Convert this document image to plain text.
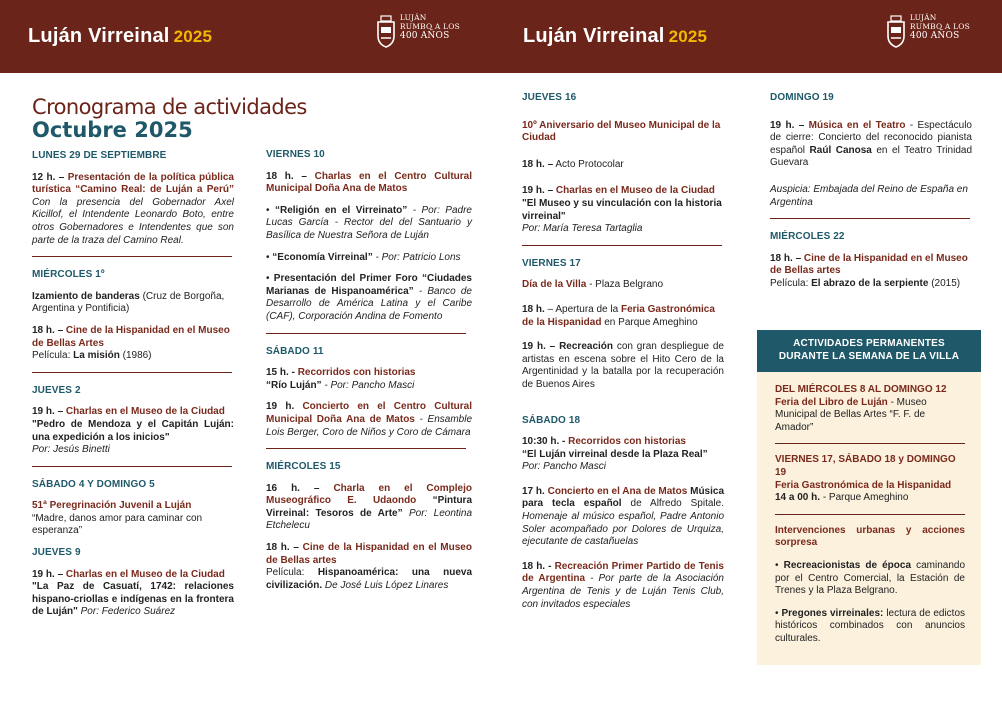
Luján Virreinal 2025
LUJÁN
RUMBO A LOS
400 AÑOS	Luján Virreinal 2025
LUJÁN
RUMBO A LOS
400 AÑOS
Cronograma de actividades
Octubre 2025
LUNES 29 DE SEPTIEMBRE
12 h. – Presentación de la política pública turística “Camino Real: de Luján a Perú” Con la presencia del Gobernador Axel Kicillof, el Intendente Leonardo Boto, entre otros Gobernadores e Intendentes que son parte de la traza del Camino Real.
MIÉRCOLES 1º
Izamiento de banderas (Cruz de Borgoña, Argentina y Pontificia)
18 h. – Cine de la Hispanidad en el Museo de Bellas Artes
Película: La misión (1986)
JUEVES 2
19 h. – Charlas en el Museo de la Ciudad
"Pedro de Mendoza y el Capitán Luján: una expedición a los inicios"
Por: Jesús Binetti
SÁBADO 4 Y DOMINGO 5
51ª Peregrinación Juvenil a Luján
“Madre, danos amor para caminar con esperanza”
JUEVES 9
19 h. – Charlas en el Museo de la Ciudad
"La Paz de Casuatí, 1742: relaciones hispano-criollas e indígenas en la frontera de Luján" Por: Federico Suárez
VIERNES 10
18 h. – Charlas en el Centro Cultural Municipal Doña Ana de Matos
• “Religión en el Virreinato” - Por: Padre Lucas García - Rector del del Santuario y Basílica de Nuestra Señora de Luján
• “Economía Virreinal” - Por: Patricio Lons
• Presentación del Primer Foro “Ciudades Marianas de Hispanoamérica” - Banco de Desarrollo de América Latina y el Caribe (CAF), Corporación Andina de Fomento
SÁBADO 11
15 h. - Recorridos con historias
“Río Luján” - Por: Pancho Masci
19 h. Concierto en el Centro Cultural Municipal Doña Ana de Matos - Ensamble Lois Berger, Coro de Niños y Coro de Cámara
MIÉRCOLES 15
16 h. – Charla en el Complejo Museográfico E. Udaondo “Pintura Virreinal: Tesoros de Arte” Por: Leontina Etchelecu
18 h. – Cine de la Hispanidad en el Museo de Bellas artes
Película: Hispanoamérica: una nueva civilización. De José Luis López Linares
JUEVES 16
10º Aniversario del Museo Municipal de la Ciudad
18 h. – Acto Protocolar
19 h. – Charlas en el Museo de la Ciudad
"El Museo y su vinculación con la historia virreinal"
Por: María Teresa Tartaglia
VIERNES 17
Día de la Villa - Plaza Belgrano
18 h. – Apertura de la Feria Gastronómica de la Hispanidad en Parque Ameghino
19 h. – Recreación con gran despliegue de artistas en escena sobre el Hito Cero de la Argentinidad y la batalla por la recuperación de Buenos Aires
SÁBADO 18
10:30 h. - Recorridos con historias
“El Luján virreinal desde la Plaza Real”
Por: Pancho Masci
17 h. Concierto en el Ana de Matos Música para tecla español de Alfredo Spitale. Homenaje al músico español, Padre Antonio Soler acompañado por Dolores de Urquiza, ejecutante de castañuelas
18 h. - Recreación Primer Partido de Tenis de Argentina - Por parte de la Asociación Argentina de Tenis y de Luján Tenis Club, con invitados especiales
DOMINGO 19
19 h. – Música en el Teatro - Espectáculo de cierre: Concierto del reconocido pianista español Raúl Canosa en el Teatro Trinidad Guevara
Auspicia: Embajada del Reino de España en Argentina
MIÉRCOLES 22
18 h. – Cine de la Hispanidad en el Museo de Bellas artes
Película: El abrazo de la serpiente (2015)
ACTIVIDADES PERMANENTES
DURANTE LA SEMANA DE LA VILLA
DEL MIÉRCOLES 8 AL DOMINGO 12
Feria del Libro de Luján - Museo Municipal de Bellas Artes “F. F. de Amador”
VIERNES 17, SÁBADO 18 y DOMINGO 19
Feria Gastronómica de la Hispanidad
14 a 00 h. - Parque Ameghino
Intervenciones urbanas y acciones sorpresa
• Recreacionistas de época caminando por el Centro Comercial, la Estación de Trenes y la Plaza Belgrano.
• Pregones virreinales: lectura de edictos históricos combinados con anuncios culturales.
